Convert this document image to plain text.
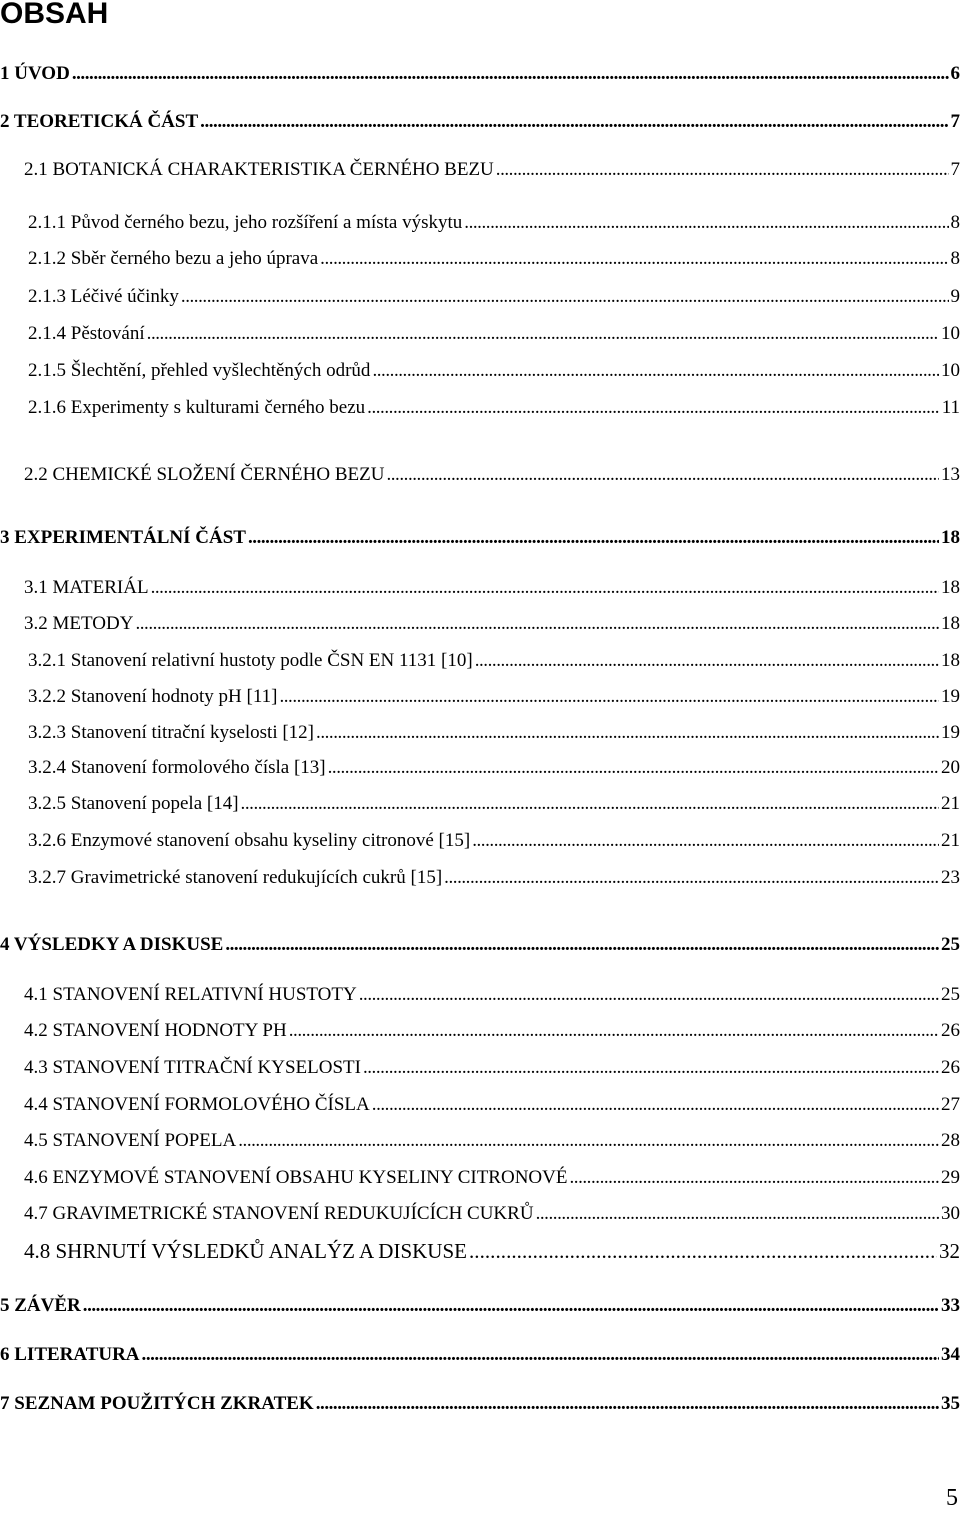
OBSAH
1 ÚVOD . . .	6
2 TEORETICKÁ ČÁST . . .	7
2.1 BOTANICKÁ CHARAKTERISTIKA ČERNÉHO BEZU . . .	7
2.1.1 Původ černého bezu, jeho rozšíření a místa výskytu . . .	8
2.1.2 Sběr černého bezu a jeho úprava . . .	8
2.1.3 Léčivé účinky . . .	9
2.1.4 Pěstování . . .	10
2.1.5 Šlechtění, přehled vyšlechtěných odrůd . . .	10
2.1.6 Experimenty s kulturami černého bezu . . .	11
2.2 CHEMICKÉ SLOŽENÍ ČERNÉHO BEZU . . .	13
3 EXPERIMENTÁLNÍ ČÁST . . .	18
3.1 MATERIÁL . . .	18
3.2 METODY . . .	18
3.2.1 Stanovení relativní hustoty podle ČSN EN 1131 [10] . . .	18
3.2.2 Stanovení hodnoty pH [11] . . .	19
3.2.3 Stanovení titrační kyselosti [12] . . .	19
3.2.4 Stanovení formolového čísla [13] . . .	20
3.2.5 Stanovení popela [14] . . .	21
3.2.6 Enzymové stanovení obsahu kyseliny citronové [15] . . .	21
3.2.7 Gravimetrické stanovení redukujících cukrů [15] . . .	23
4 VÝSLEDKY A DISKUSE . . .	25
4.1 STANOVENÍ RELATIVNÍ HUSTOTY . . .	25
4.2 STANOVENÍ HODNOTY PH . . .	26
4.3 STANOVENÍ TITRAČNÍ KYSELOSTI . . .	26
4.4 STANOVENÍ FORMOLOVÉHO ČÍSLA . . .	27
4.5 STANOVENÍ POPELA . . .	28
4.6 ENZYMOVÉ STANOVENÍ OBSAHU KYSELINY CITRONOVÉ . . .	29
4.7 GRAVIMETRICKÉ STANOVENÍ REDUKUJÍCÍCH CUKRŮ . . .	30
4.8 SHRNUTÍ VÝSLEDKŮ ANALÝZ A DISKUSE . . .	32
5 ZÁVĚR . . .	33
6 LITERATURA . . .	34
7 SEZNAM POUŽITÝCH ZKRATEK . . .	35
5
